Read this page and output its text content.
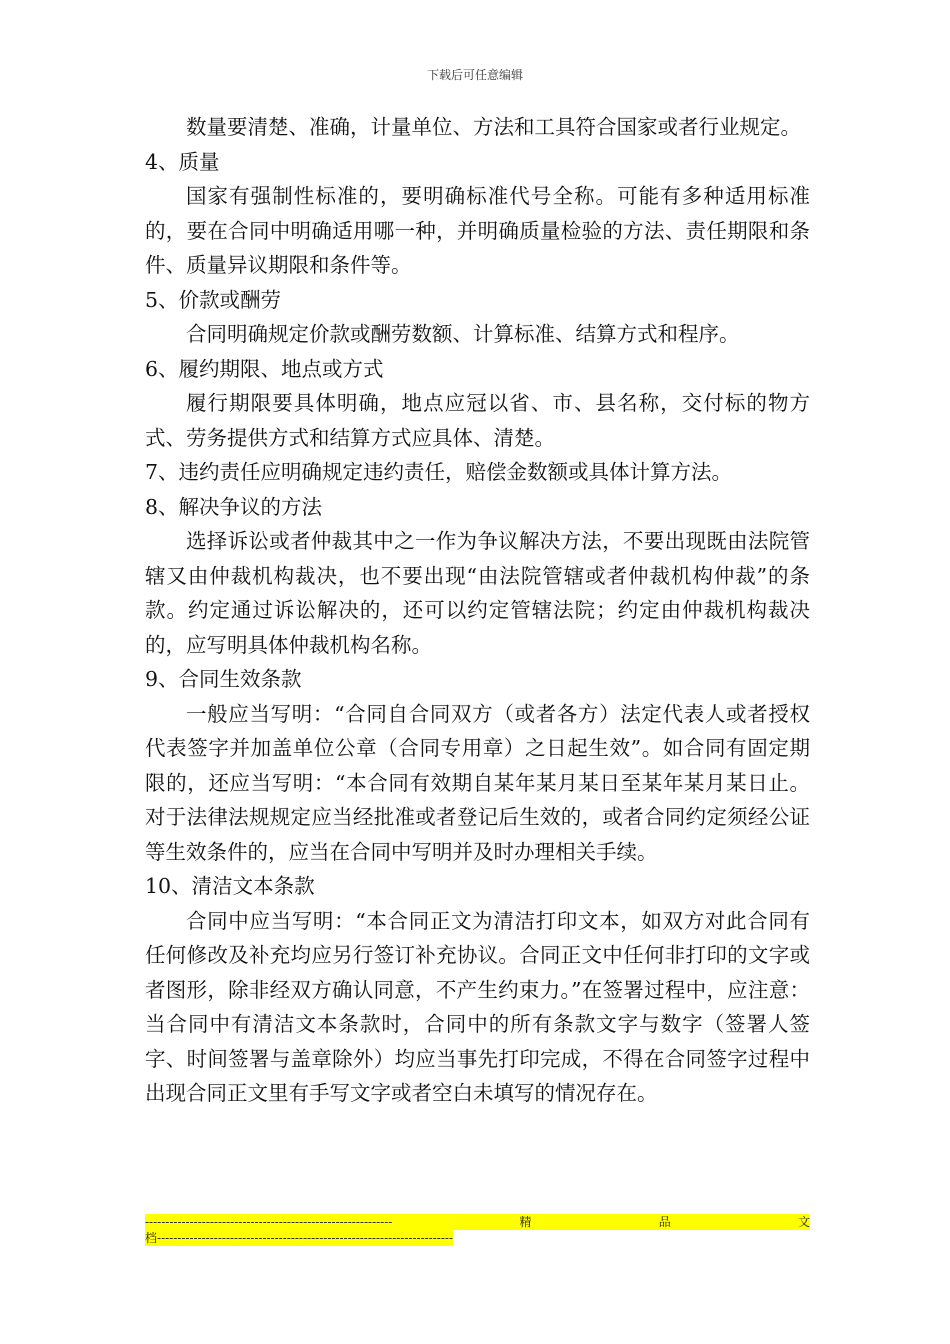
下载后可任意编辑

数量要清楚、准确，计量单位、方法和工具符合国家或者行业规定。

4、质量

国家有强制性标准的，要明确标准代号全称。可能有多种适用标准的，要在合同中明确适用哪一种，并明确质量检验的方法、责任期限和条件、质量异议期限和条件等。

5、价款或酬劳

合同明确规定价款或酬劳数额、计算标准、结算方式和程序。

6、履约期限、地点或方式

履行期限要具体明确，地点应冠以省、市、县名称，交付标的物方式、劳务提供方式和结算方式应具体、清楚。

7、违约责任应明确规定违约责任，赔偿金数额或具体计算方法。

8、解决争议的方法

选择诉讼或者仲裁其中之一作为争议解决方法，不要出现既由法院管辖又由仲裁机构裁决，也不要出现“由法院管辖或者仲裁机构仲裁”的条款。约定通过诉讼解决的，还可以约定管辖法院；约定由仲裁机构裁决的，应写明具体仲裁机构名称。

9、合同生效条款

一般应当写明：“合同自合同双方（或者各方）法定代表人或者授权代表签字并加盖单位公章（合同专用章）之日起生效”。如合同有固定期限的，还应当写明：“本合同有效期自某年某月某日至某年某月某日止。对于法律法规规定应当经批准或者登记后生效的，或者合同约定须经公证等生效条件的，应当在合同中写明并及时办理相关手续。

10、清洁文本条款

合同中应当写明：“本合同正文为清洁打印文本，如双方对此合同有任何修改及补充均应另行签订补充协议。合同正文中任何非打印的文字或者图形，除非经双方确认同意，不产生约束力。”在签署过程中，应注意：当合同中有清洁文本条款时，合同中的所有条款文字与数字（签署人签字、时间签署与盖章除外）均应当事先打印完成，不得在合同签字过程中出现合同正文里有手写文字或者空白未填写的情况存在。

-------------------------------------------------------------	精	品	文
档-------------------------------------------------------------------------
